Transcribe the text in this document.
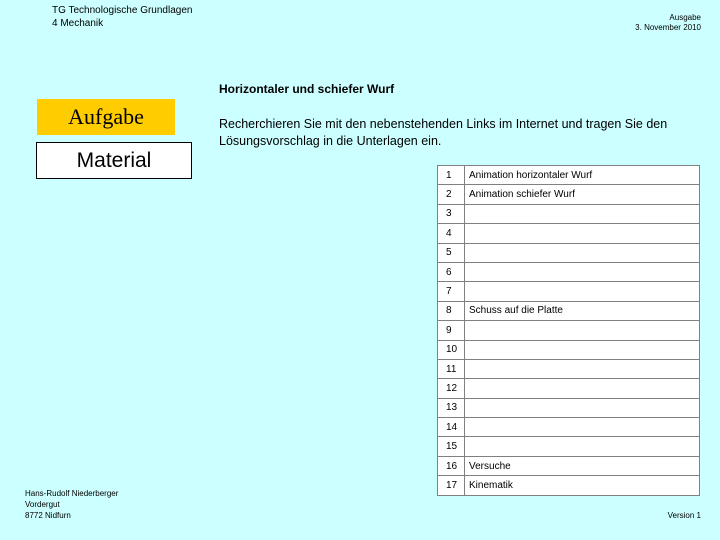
TG Technologische Grundlagen
4 Mechanik
Ausgabe
3. November 2010
Horizontaler und schiefer Wurf
Aufgabe
Material
Recherchieren Sie mit den nebenstehenden Links im Internet und tragen Sie den Lösungsvorschlag in die Unterlagen ein.
1	Animation horizontaler Wurf
2	Animation schiefer Wurf
3	
4	
5	
6	
7	
8	Schuss auf die Platte
9	
10	
11	
12	
13	
14	
15	
16	Versuche
17	Kinematik
Hans-Rudolf Niederberger
Vordergut
8772 Nidfurn	Version 1
